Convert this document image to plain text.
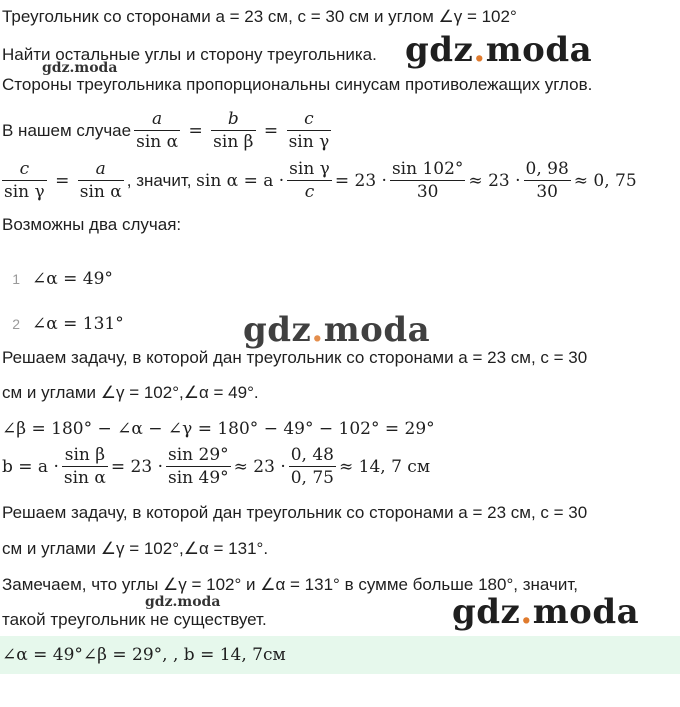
Треугольник со сторонами a = 23 см, c = 30 см и углом ∠γ = 102°
Найти остальные углы и сторону треугольника.
Стороны треугольника пропорциональны синусам противолежащих углов.
В нашем случае $\frac{a}{\text{sin α}} = \frac{b}{\text{sin β}} = \frac{c}{\text{sin γ}}$
$\frac{c}{\text{sin γ}} = \frac{a}{\text{sin α}}$ , значит, $\sin \alpha = a \cdot \frac{\text{sin γ}}{c} = 23 \cdot \frac{\sin 102^\circ}{30} \approx 23 \cdot \frac{0, 98}{30} \approx 0$, 75
Возможны два случая:
1 ∠α = 49°
2 ∠α = 131°
Решаем задачу, в которой дан треугольник со сторонами a = 23 см, c = 30
см и углами ∠γ = 102°,∠α = 49°.
∠β = 180° − ∠α − ∠γ = 180° − 49° − 102° = 29°
$b = a \cdot \frac{\text{sin β}}{\text{sin α}} = 23 \cdot \frac{\sin 29^\circ}{\sin 49^\circ} \approx 23 \cdot \frac{0, 48}{0, 75} \approx 14$, 7 см
Решаем задачу, в которой дан треугольник со сторонами a = 23 см, c = 30
см и углами ∠γ = 102°,∠α = 131°.
Замечаем, что углы ∠γ = 102° и ∠α = 131° в сумме больше 180°, значит,
такой треугольник не существует.
∠α = 49°∠β = 29°, , b = 14, 7см
gdz.moda
gdz.moda
gdz.moda
gdz.moda	gdz.moda
